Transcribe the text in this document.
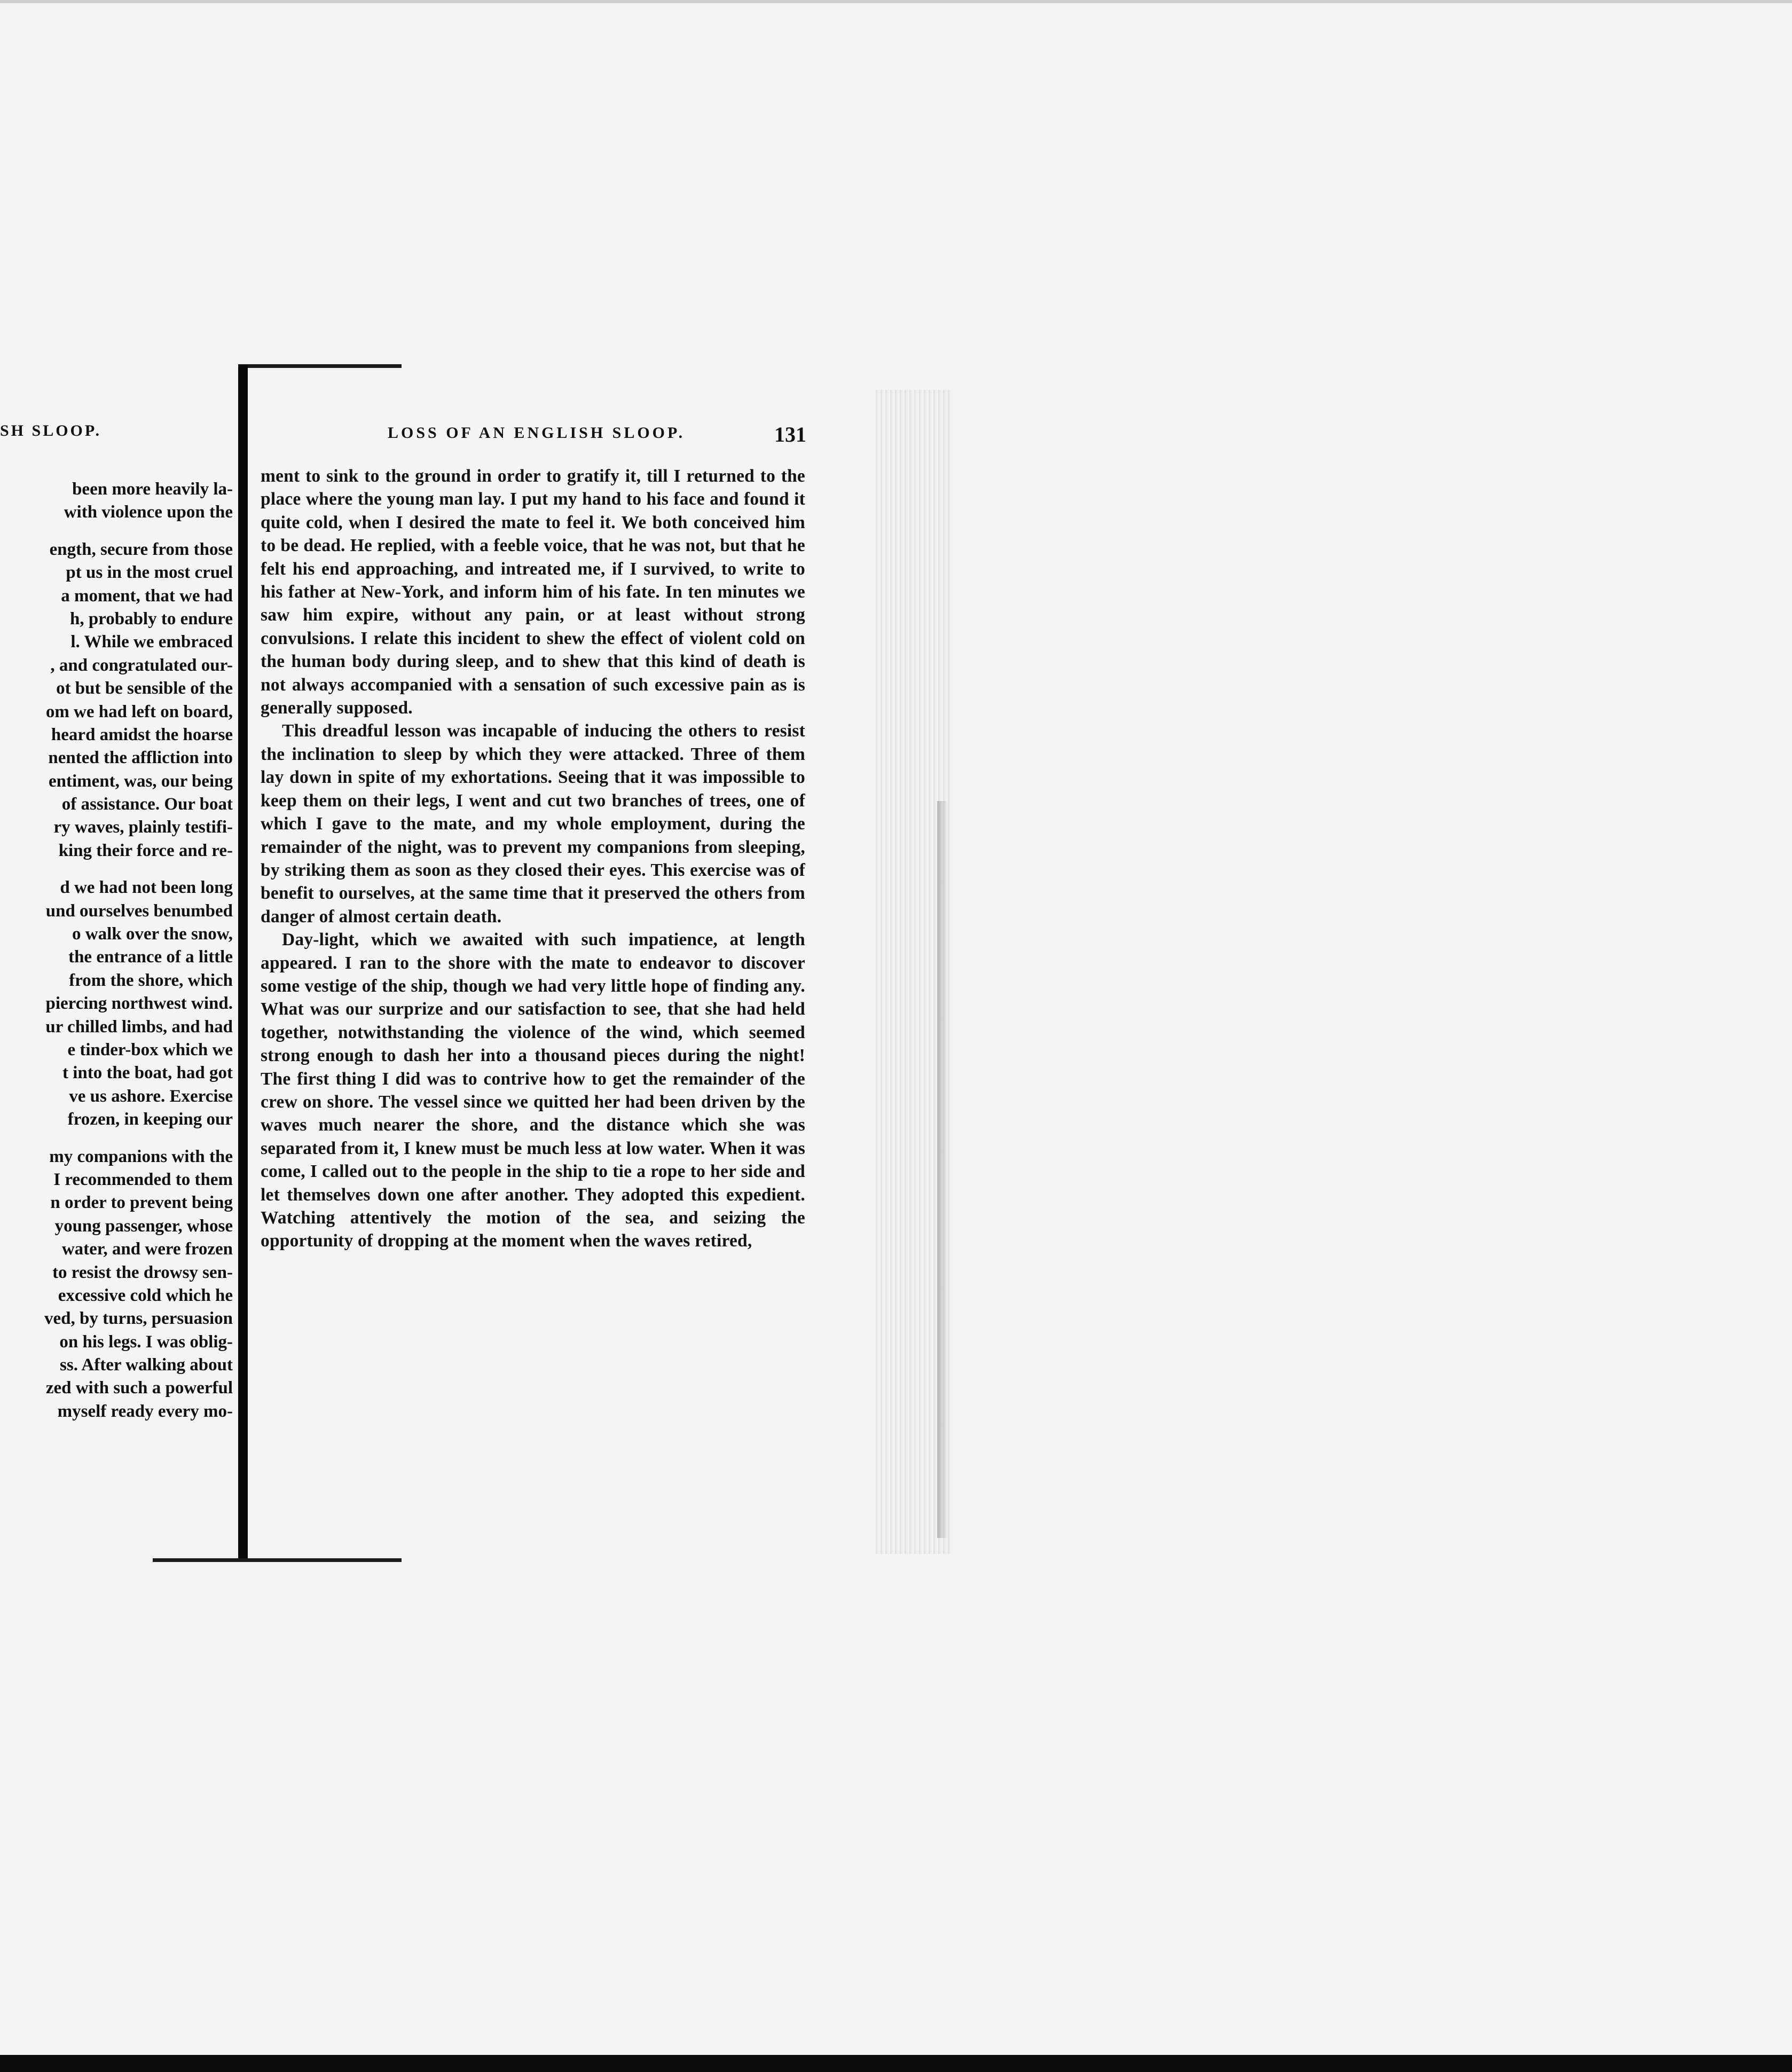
SH SLOOP.
been more heavily la-
with violence upon the
ength, secure from those
pt us in the most cruel
a moment, that we had
h, probably to endure
l. While we embraced
, and congratulated our-
ot but be sensible of the
om we had left on board,
heard amidst the hoarse
nented the affliction into
entiment, was, our being
of assistance. Our boat
ry waves, plainly testifi-
king their force and re-
d we had not been long
und ourselves benumbed
o walk over the snow,
the entrance of a little
from the shore, which
piercing northwest wind.
ur chilled limbs, and had
e tinder-box which we
t into the boat, had got
ve us ashore. Exercise
frozen, in keeping our
my companions with the
I recommended to them
n order to prevent being
young passenger, whose
water, and were frozen
to resist the drowsy sen-
excessive cold which he
ved, by turns, persuasion
on his legs. I was oblig-
ss. After walking about
zed with such a powerful
myself ready every mo-
LOSS OF AN ENGLISH SLOOP.	131

ment to sink to the ground in order to gratify it, till I returned to the place where the young man lay. I put my hand to his face and found it quite cold, when I desired the mate to feel it. We both conceived him to be dead. He replied, with a feeble voice, that he was not, but that he felt his end approaching, and intreated me, if I survived, to write to his father at New-York, and inform him of his fate. In ten minutes we saw him expire, without any pain, or at least without strong convulsions. I relate this incident to shew the effect of violent cold on the human body during sleep, and to shew that this kind of death is not always accompanied with a sensation of such excessive pain as is generally supposed.

This dreadful lesson was incapable of inducing the others to resist the inclination to sleep by which they were attacked. Three of them lay down in spite of my exhortations. Seeing that it was impossible to keep them on their legs, I went and cut two branches of trees, one of which I gave to the mate, and my whole employment, during the remainder of the night, was to prevent my companions from sleeping, by striking them as soon as they closed their eyes. This exercise was of benefit to ourselves, at the same time that it preserved the others from danger of almost certain death.

Day-light, which we awaited with such impatience, at length appeared. I ran to the shore with the mate to endeavor to discover some vestige of the ship, though we had very little hope of finding any. What was our surprize and our satisfaction to see, that she had held together, notwithstanding the violence of the wind, which seemed strong enough to dash her into a thousand pieces during the night! The first thing I did was to contrive how to get the remainder of the crew on shore. The vessel since we quitted her had been driven by the waves much nearer the shore, and the distance which she was separated from it, I knew must be much less at low water. When it was come, I called out to the people in the ship to tie a rope to her side and let themselves down one after another. They adopted this expedient. Watching attentively the motion of the sea, and seizing the opportunity of dropping at the moment when the waves retired,
